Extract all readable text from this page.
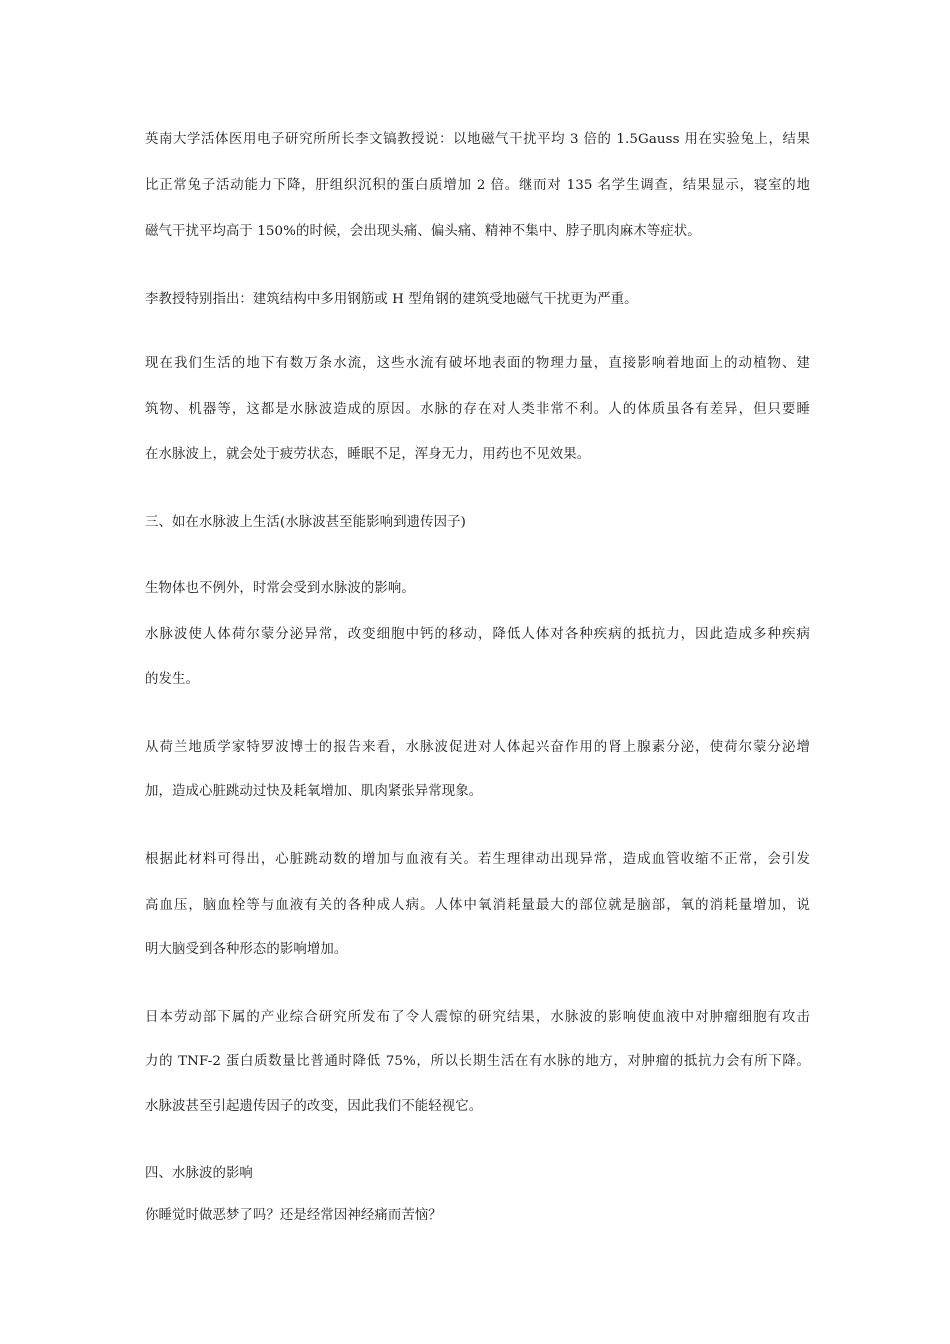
英南大学活体医用电子研究所所长李文镐教授说：以地磁气干扰平均 3 倍的 1.5Gauss 用在实验兔上，结果
比正常兔子活动能力下降，肝组织沉积的蛋白质增加 2 倍。继而对 135 名学生调查，结果显示，寝室的地
磁气干扰平均高于 150%的时候，会出现头痛、偏头痛、精神不集中、脖子肌肉麻木等症状。
李教授特别指出：建筑结构中多用钢筋或 H 型角钢的建筑受地磁气干扰更为严重。
现在我们生活的地下有数万条水流，这些水流有破坏地表面的物理力量，直接影响着地面上的动植物、建
筑物、机器等，这都是水脉波造成的原因。水脉的存在对人类非常不利。人的体质虽各有差异，但只要睡
在水脉波上，就会处于疲劳状态，睡眠不足，浑身无力，用药也不见效果。
三、如在水脉波上生活(水脉波甚至能影响到遗传因子)
生物体也不例外，时常会受到水脉波的影响。
水脉波使人体荷尔蒙分泌异常，改变细胞中钙的移动，降低人体对各种疾病的抵抗力，因此造成多种疾病
的发生。
从荷兰地质学家特罗波博士的报告来看，水脉波促进对人体起兴奋作用的肾上腺素分泌，使荷尔蒙分泌增
加，造成心脏跳动过快及耗氧增加、肌肉紧张异常现象。
根据此材料可得出，心脏跳动数的增加与血液有关。若生理律动出现异常，造成血管收缩不正常，会引发
高血压，脑血栓等与血液有关的各种成人病。人体中氧消耗量最大的部位就是脑部，氧的消耗量增加，说
明大脑受到各种形态的影响增加。
日本劳动部下属的产业综合研究所发布了令人震惊的研究结果，水脉波的影响使血液中对肿瘤细胞有攻击
力的 TNF-2 蛋白质数量比普通时降低 75%，所以长期生活在有水脉的地方，对肿瘤的抵抗力会有所下降。
水脉波甚至引起遗传因子的改变，因此我们不能轻视它。
四、水脉波的影响
你睡觉时做恶梦了吗？还是经常因神经痛而苦恼？
